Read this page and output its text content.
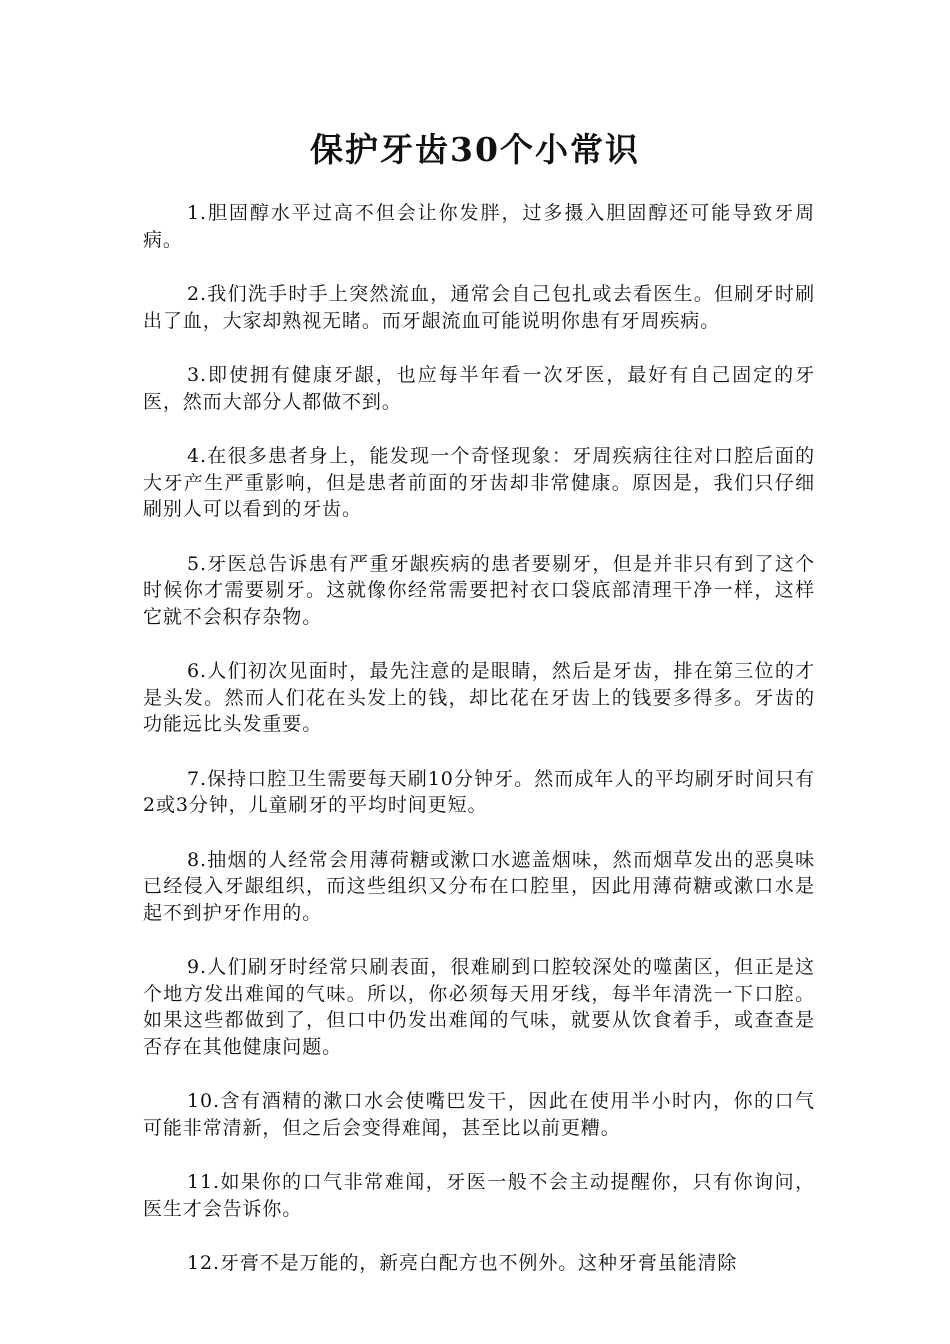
保护牙齿30个小常识

1.胆固醇水平过高不但会让你发胖，过多摄入胆固醇还可能导致牙周病。

2.我们洗手时手上突然流血，通常会自己包扎或去看医生。但刷牙时刷出了血，大家却熟视无睹。而牙龈流血可能说明你患有牙周疾病。

3.即使拥有健康牙龈，也应每半年看一次牙医，最好有自己固定的牙医，然而大部分人都做不到。

4.在很多患者身上，能发现一个奇怪现象：牙周疾病往往对口腔后面的大牙产生严重影响，但是患者前面的牙齿却非常健康。原因是，我们只仔细刷别人可以看到的牙齿。

5.牙医总告诉患有严重牙龈疾病的患者要剔牙，但是并非只有到了这个时候你才需要剔牙。这就像你经常需要把衬衣口袋底部清理干净一样，这样它就不会积存杂物。

6.人们初次见面时，最先注意的是眼睛，然后是牙齿，排在第三位的才是头发。然而人们花在头发上的钱，却比花在牙齿上的钱要多得多。牙齿的功能远比头发重要。

7.保持口腔卫生需要每天刷10分钟牙。然而成年人的平均刷牙时间只有2或3分钟，儿童刷牙的平均时间更短。

8.抽烟的人经常会用薄荷糖或漱口水遮盖烟味，然而烟草发出的恶臭味已经侵入牙龈组织，而这些组织又分布在口腔里，因此用薄荷糖或漱口水是起不到护牙作用的。

9.人们刷牙时经常只刷表面，很难刷到口腔较深处的噬菌区，但正是这个地方发出难闻的气味。所以，你必须每天用牙线，每半年清洗一下口腔。如果这些都做到了，但口中仍发出难闻的气味，就要从饮食着手，或查查是否存在其他健康问题。

10.含有酒精的漱口水会使嘴巴发干，因此在使用半小时内，你的口气可能非常清新，但之后会变得难闻，甚至比以前更糟。

11.如果你的口气非常难闻，牙医一般不会主动提醒你，只有你询问，医生才会告诉你。

12.牙膏不是万能的，新亮白配方也不例外。这种牙膏虽能清除
